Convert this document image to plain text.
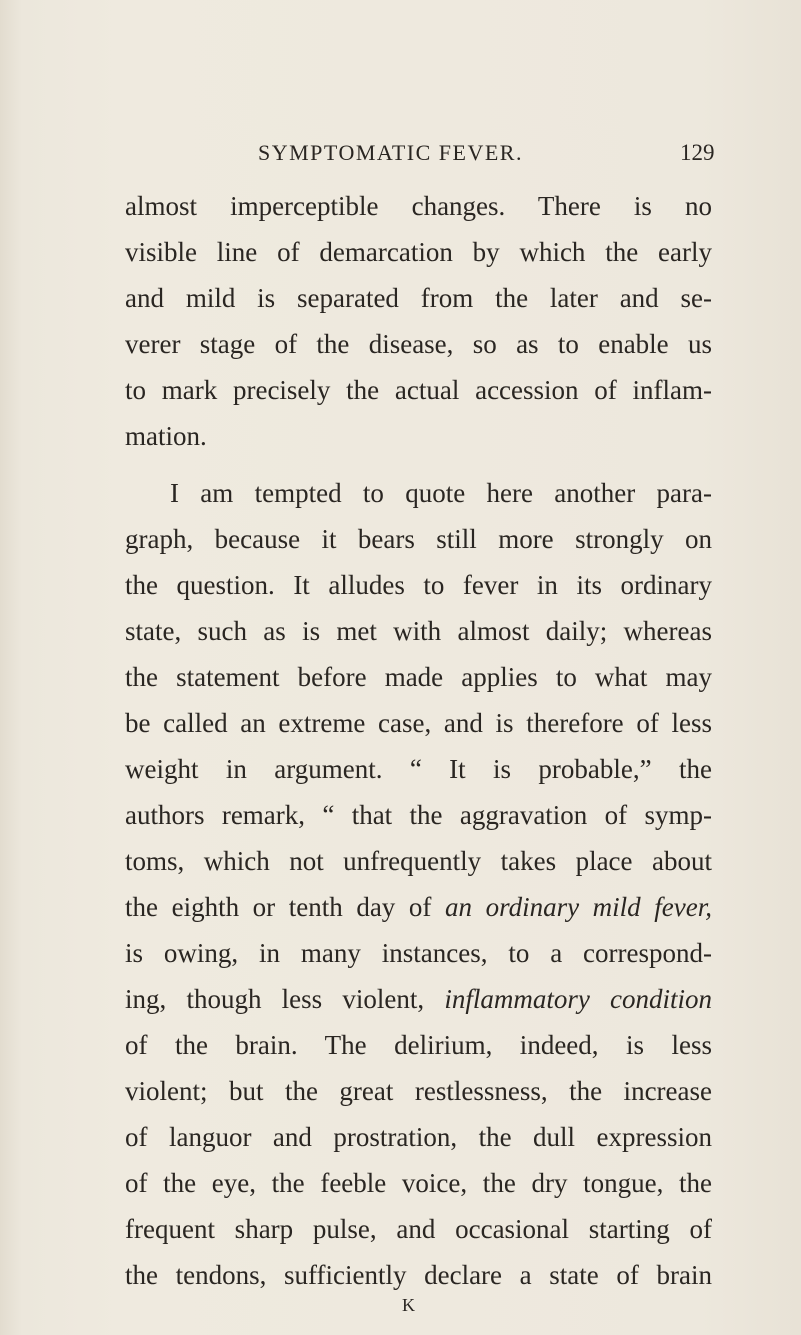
SYMPTOMATIC FEVER.	129
almost imperceptible changes. There is no
visible line of demarcation by which the early
and mild is separated from the later and se-
verer stage of the disease, so as to enable us
to mark precisely the actual accession of inflam-
mation.
I am tempted to quote here another para-
graph, because it bears still more strongly on
the question. It alludes to fever in its ordinary
state, such as is met with almost daily; whereas
the statement before made applies to what may
be called an extreme case, and is therefore of less
weight in argument. “ It is probable,” the
authors remark, “ that the aggravation of symp-
toms, which not unfrequently takes place about
the eighth or tenth day of an ordinary mild fever,
is owing, in many instances, to a correspond-
ing, though less violent, inflammatory condition
of the brain. The delirium, indeed, is less
violent; but the great restlessness, the increase
of languor and prostration, the dull expression
of the eye, the feeble voice, the dry tongue, the
frequent sharp pulse, and occasional starting of
the tendons, sufficiently declare a state of brain
K
